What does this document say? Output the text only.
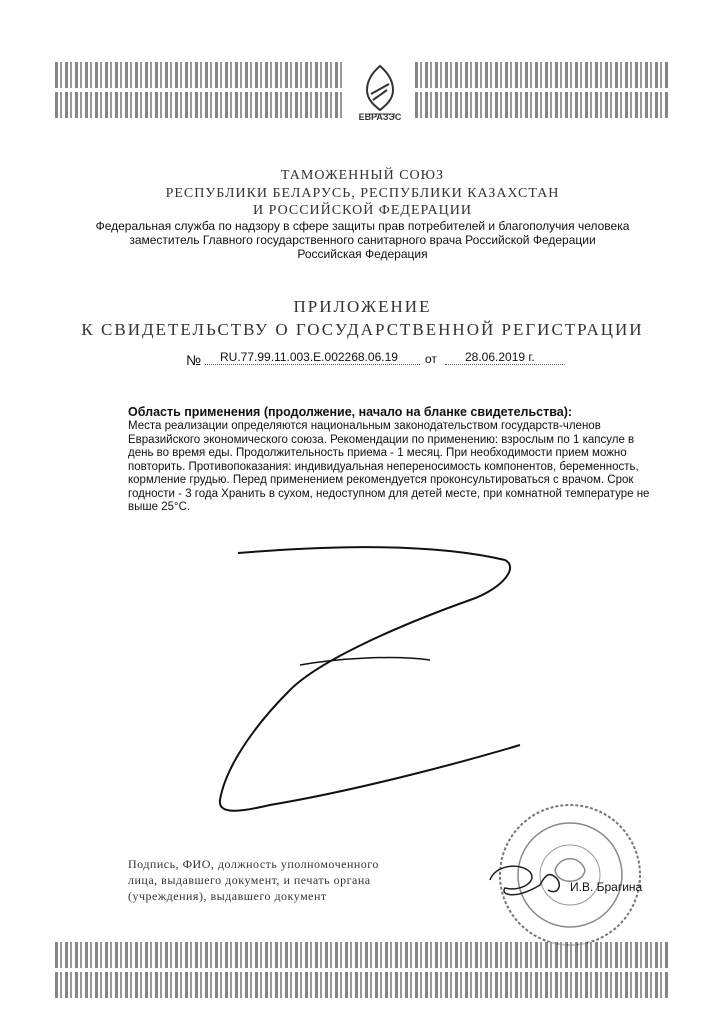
ЕВРАЗЭС
ТАМОЖЕННЫЙ СОЮЗ
РЕСПУБЛИКИ БЕЛАРУСЬ, РЕСПУБЛИКИ КАЗАХСТАН
И РОССИЙСКОЙ ФЕДЕРАЦИИ
Федеральная служба по надзору в сфере защиты прав потребителей и благополучия человека
заместитель Главного государственного санитарного врача Российской Федерации
Российская Федерация
ПРИЛОЖЕНИЕ
К СВИДЕТЕЛЬСТВУ О ГОСУДАРСТВЕННОЙ РЕГИСТРАЦИИ
№ RU.77.99.11.003.Е.002268.06.19 от 28.06.2019 г.
Область применения (продолжение, начало на бланке свидетельства):
Места реализации определяются национальным законодательством государств-членов
Евразийского экономического союза. Рекомендации по применению: взрослым по 1 капсуле в
день во время еды. Продолжительность приема - 1 месяц. При необходимости прием можно
повторить. Противопоказания: индивидуальная непереносимость компонентов, беременность,
кормление грудью. Перед применением рекомендуется проконсультироваться с врачом. Срок
годности - 3 года Хранить в сухом, недоступном для детей месте, при комнатной температуре не
выше 25°С.
Подпись, ФИО, должность уполномоченного
лица, выдавшего документ, и печать органа
(учреждения), выдавшего документ
И.В. Брагина
